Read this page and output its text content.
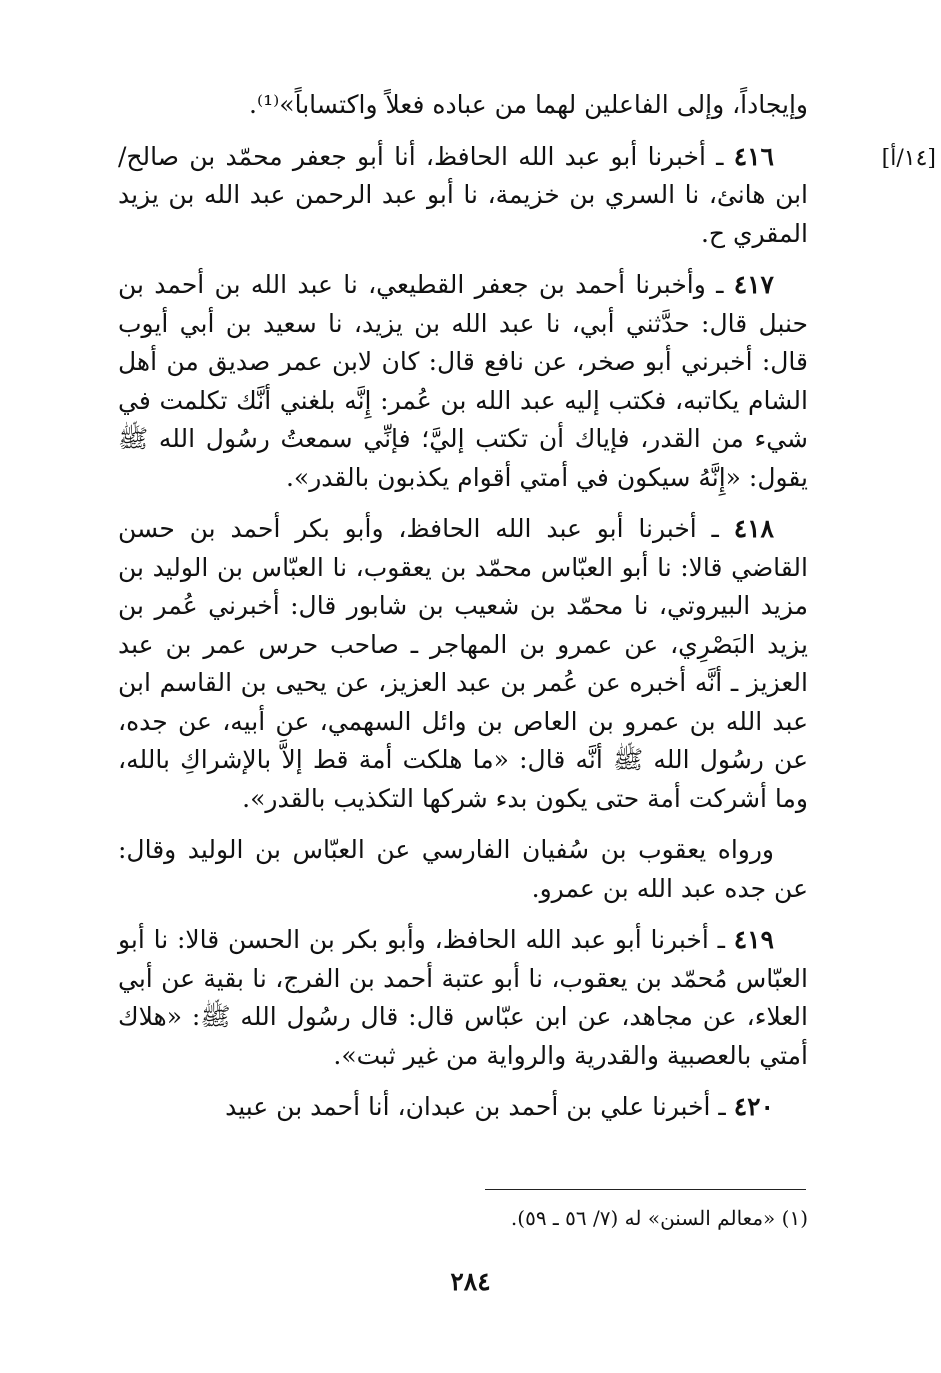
[١٤/أ]

وإيجاداً، وإلى الفاعلين لهما من عباده فعلاً واكتساباً»⁽¹⁾.

٤١٦ ـ أخبرنا أبو عبد الله الحافظ، أنا أبو جعفر محمّد بن صالح/ ابن هانئ، نا السري بن خزيمة، نا أبو عبد الرحمن عبد الله بن يزيد المقري ح.

٤١٧ ـ وأخبرنا أحمد بن جعفر القطيعي، نا عبد الله بن أحمد بن حنبل قال: حدَّثني أبي، نا عبد الله بن يزيد، نا سعيد بن أبي أيوب قال: أخبرني أبو صخر، عن نافع قال: كان لابن عمر صديق من أهل الشام يكاتبه، فكتب إليه عبد الله بن عُمر: إِنَّه بلغني أنَّك تكلمت في شيء من القدر، فإياك أن تكتب إليَّ؛ فإنِّي سمعتُ رسُول الله ﷺ يقول: «إِنَّهُ سيكون في أمتي أقوام يكذبون بالقدر».

٤١٨ ـ أخبرنا أبو عبد الله الحافظ، وأبو بكر أحمد بن حسن القاضي قالا: نا أبو العبّاس محمّد بن يعقوب، نا العبّاس بن الوليد بن مزيد البيروتي، نا محمّد بن شعيب بن شابور قال: أخبرني عُمر بن يزيد البَصْرِي، عن عمرو بن المهاجر ـ صاحب حرس عمر بن عبد العزيز ـ أنَّه أخبره عن عُمر بن عبد العزيز، عن يحيى بن القاسم ابن عبد الله بن عمرو بن العاص بن وائل السهمي، عن أبيه، عن جده، عن رسُول الله ﷺ أنَّه قال: «ما هلكت أمة قط إلاَّ بالإشراكِ بالله، وما أشركت أمة حتى يكون بدء شركها التكذيب بالقدر».

ورواه يعقوب بن سُفيان الفارسي عن العبّاس بن الوليد وقال: عن جده عبد الله بن عمرو.

٤١٩ ـ أخبرنا أبو عبد الله الحافظ، وأبو بكر بن الحسن قالا: نا أبو العبّاس مُحمّد بن يعقوب، نا أبو عتبة أحمد بن الفرج، نا بقية عن أبي العلاء، عن مجاهد، عن ابن عبّاس قال: قال رسُول الله ﷺ: «هلاك أمتي بالعصبية والقدرية والرواية من غير ثبت».

٤٢٠ ـ أخبرنا علي بن أحمد بن عبدان، أنا أحمد بن عبيد

(١) «معالم السنن» له (٧/ ٥٦ ـ ٥٩).
٢٨٤
